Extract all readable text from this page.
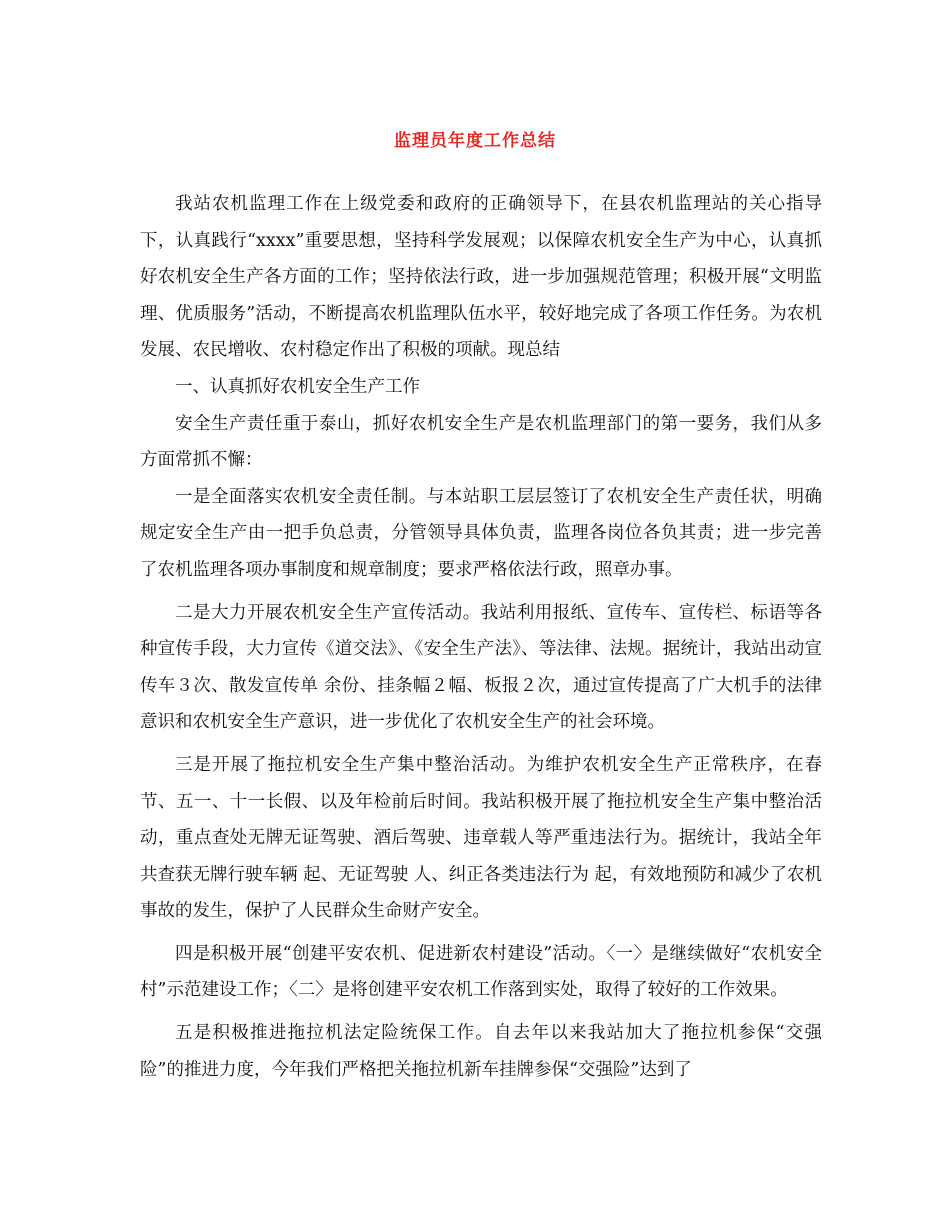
监理员年度工作总结

我站农机监理工作在上级党委和政府的正确领导下，在县农机监理站的关心指导下，认真践行“xxxx”重要思想，坚持科学发展观；以保障农机安全生产为中心，认真抓好农机安全生产各方面的工作；坚持依法行政，进一步加强规范管理；积极开展“文明监理、优质服务”活动，不断提高农机监理队伍水平，较好地完成了各项工作任务。为农机发展、农民增收、农村稳定作出了积极的项献。现总结

一、认真抓好农机安全生产工作

安全生产责任重于泰山，抓好农机安全生产是农机监理部门的第一要务，我们从多方面常抓不懈：

一是全面落实农机安全责任制。与本站职工层层签订了农机安全生产责任状，明确规定安全生产由一把手负总责，分管领导具体负责，监理各岗位各负其责；进一步完善了农机监理各项办事制度和规章制度；要求严格依法行政，照章办事。

二是大力开展农机安全生产宣传活动。我站利用报纸、宣传车、宣传栏、标语等各种宣传手段，大力宣传《道交法》、《安全生产法》、等法律、法规。据统计，我站出动宣传车３次、散发宣传单 余份、挂条幅２幅、板报２次，通过宣传提高了广大机手的法律意识和农机安全生产意识，进一步优化了农机安全生产的社会环境。

三是开展了拖拉机安全生产集中整治活动。为维护农机安全生产正常秩序，在春节、五一、十一长假、以及年检前后时间。我站积极开展了拖拉机安全生产集中整治活动，重点查处无牌无证驾驶、酒后驾驶、违章载人等严重违法行为。据统计，我站全年共查获无牌行驶车辆 起、无证驾驶 人、纠正各类违法行为 起，有效地预防和减少了农机事故的发生，保护了人民群众生命财产安全。

四是积极开展“创建平安农机、促进新农村建设”活动。〈一〉是继续做好“农机安全村”示范建设工作；〈二〉是将创建平安农机工作落到实处，取得了较好的工作效果。

五是积极推进拖拉机法定险统保工作。自去年以来我站加大了拖拉机参保“交强险”的推进力度，今年我们严格把关拖拉机新车挂牌参保“交强险”达到了
